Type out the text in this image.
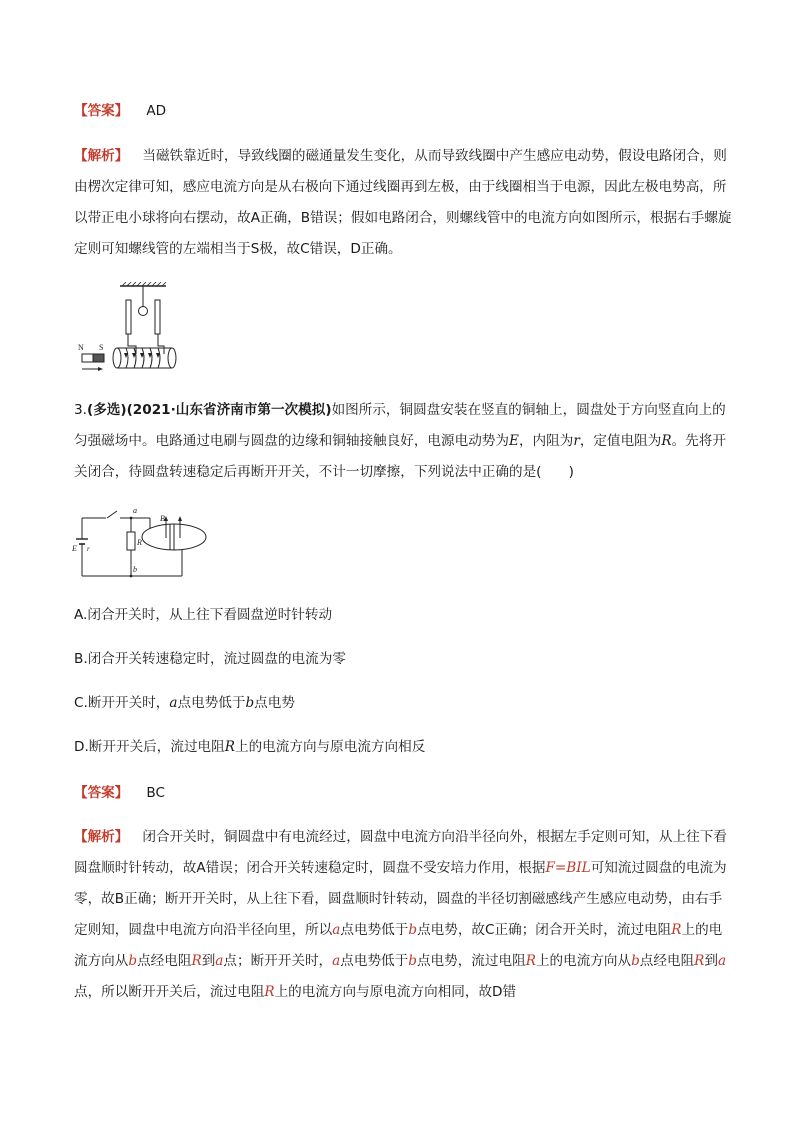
【答案】 AD

【解析】 当磁铁靠近时，导致线圈的磁通量发生变化，从而导致线圈中产生感应电动势，假设电路闭合，则由楞次定律可知，感应电流方向是从右极向下通过线圈再到左极，由于线圈相当于电源，因此左极电势高，所以带正电小球将向右摆动，故A正确，B错误；假如电路闭合，则螺线管中的电流方向如图所示，根据右手螺旋定则可知螺线管的左端相当于S极，故C错误，D正确。

N S

3.(多选)(2021·山东省济南市第一次模拟)如图所示，铜圆盘安装在竖直的铜轴上，圆盘处于方向竖直向上的匀强磁场中。电路通过电刷与圆盘的边缘和铜轴接触良好，电源电动势为E，内阻为r，定值电阻为R。先将开关闭合，待圆盘转速稳定后再断开开关，不计一切摩擦，下列说法中正确的是(　　)

a
b
R
B
E r

A.闭合开关时，从上往下看圆盘逆时针转动

B.闭合开关转速稳定时，流过圆盘的电流为零

C.断开开关时，a点电势低于b点电势

D.断开开关后，流过电阻R上的电流方向与原电流方向相反

【答案】 BC

【解析】 闭合开关时，铜圆盘中有电流经过，圆盘中电流方向沿半径向外，根据左手定则可知，从上往下看圆盘顺时针转动，故A错误；闭合开关转速稳定时，圆盘不受安培力作用，根据F=BIL可知流过圆盘的电流为零，故B正确；断开开关时，从上往下看，圆盘顺时针转动，圆盘的半径切割磁感线产生感应电动势，由右手定则知，圆盘中电流方向沿半径向里，所以a点电势低于b点电势，故C正确；闭合开关时，流过电阻R上的电流方向从b点经电阻R到a点；断开开关时，a点电势低于b点电势，流过电阻R上的电流方向从b点经电阻R到a点，所以断开开关后，流过电阻R上的电流方向与原电流方向相同，故D错
